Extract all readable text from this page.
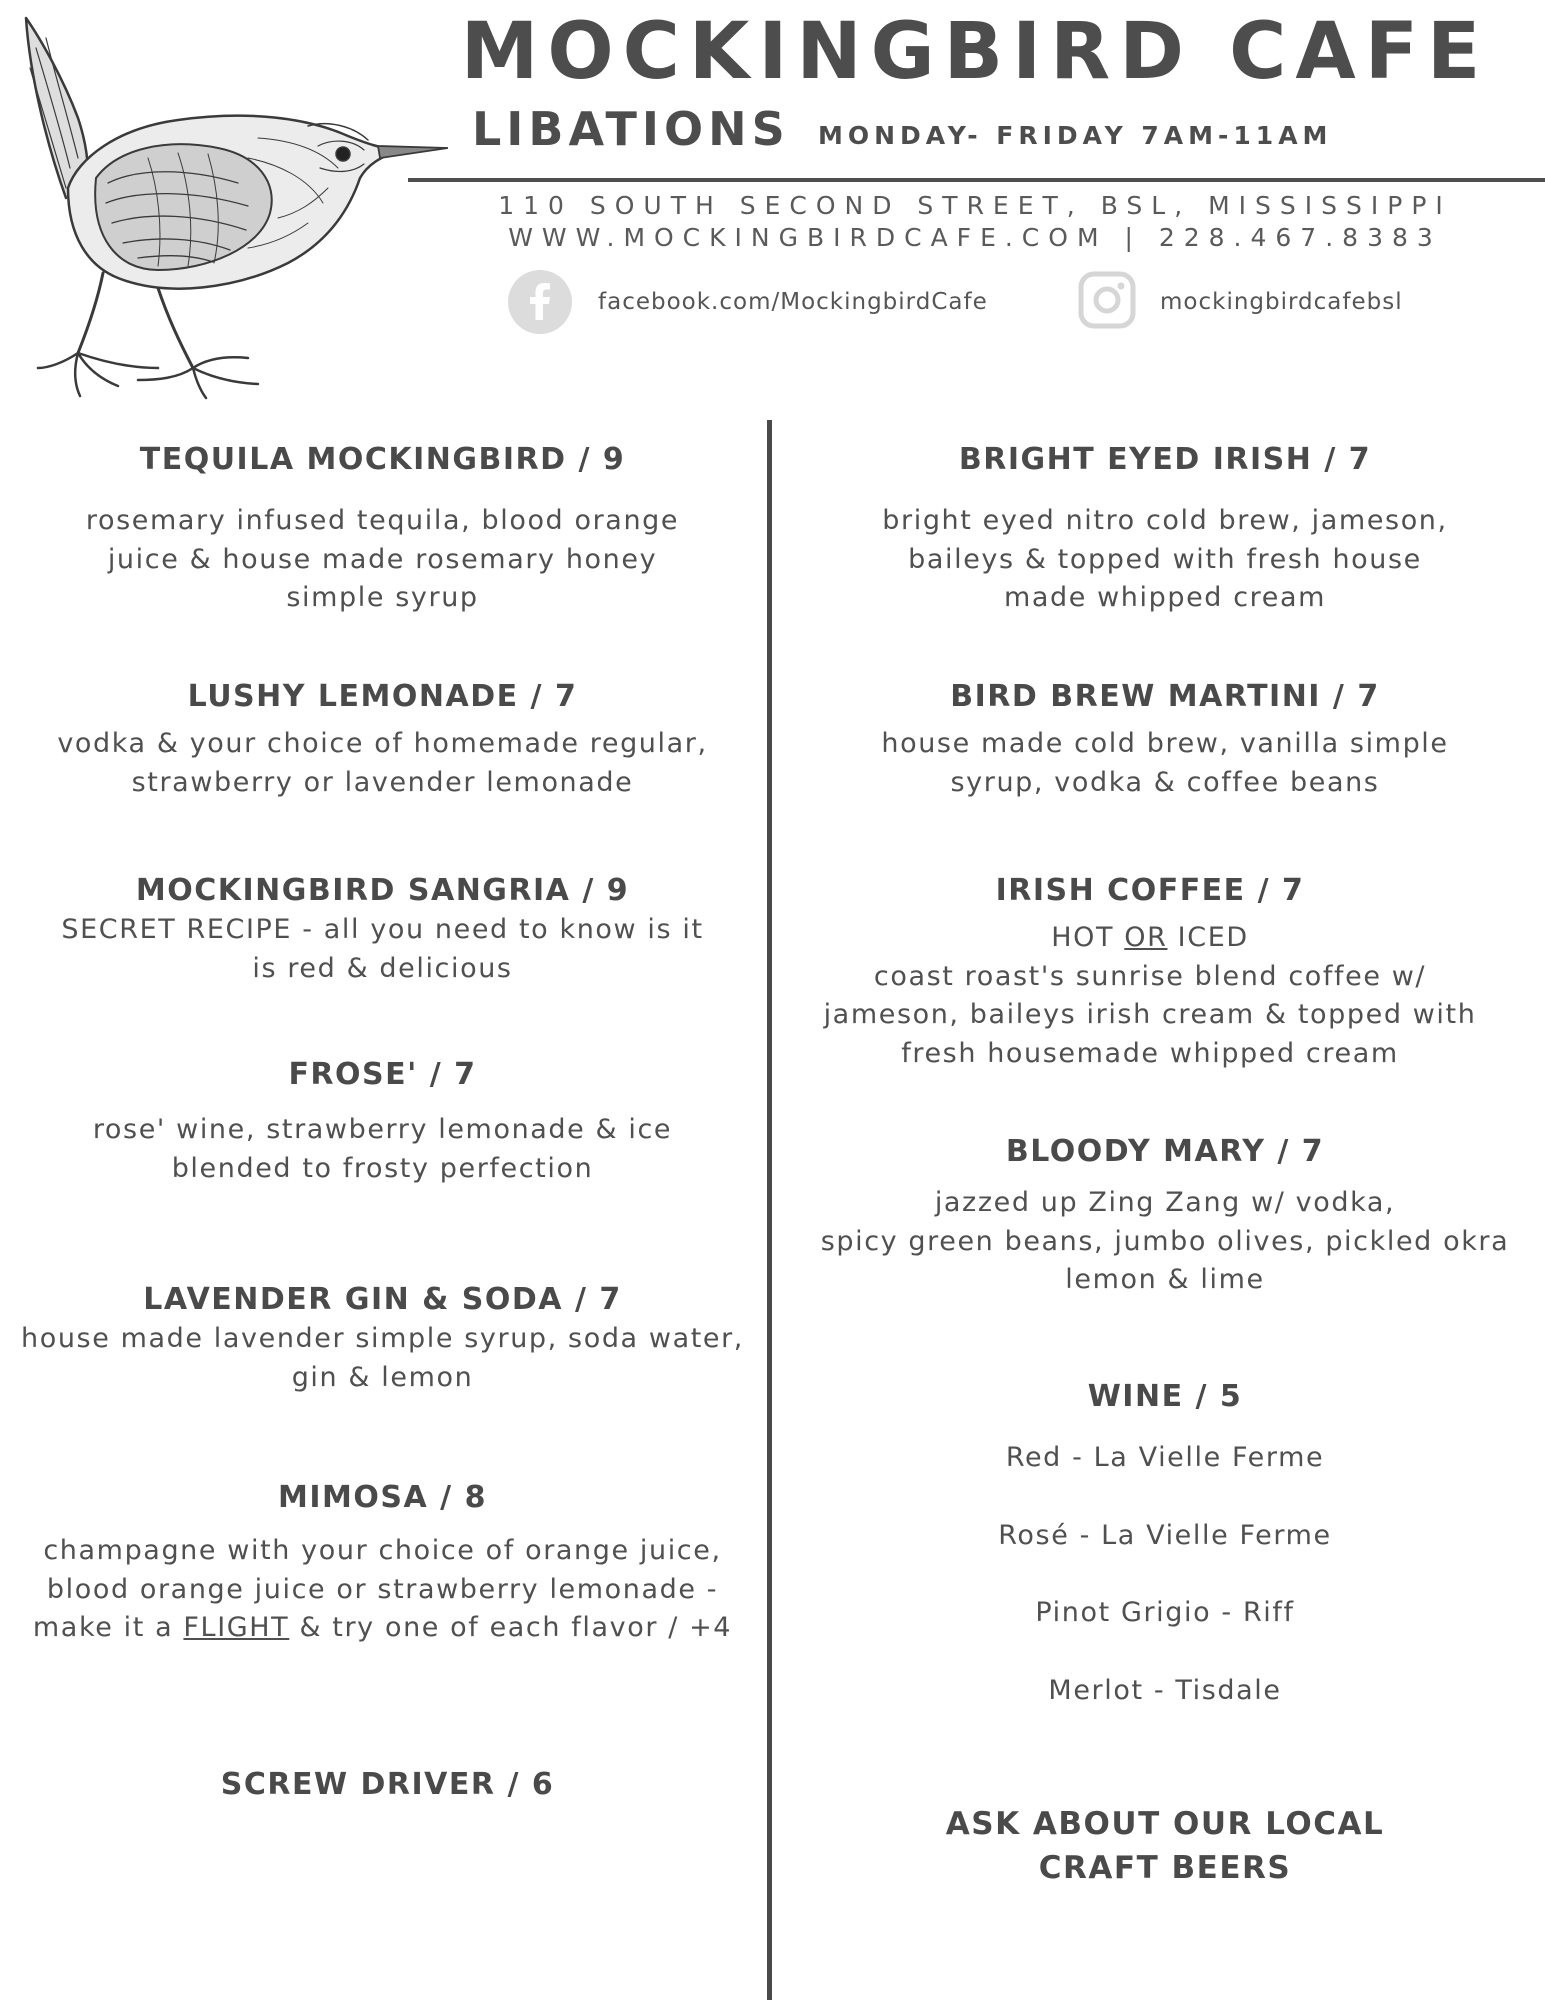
MOCKINGBIRD CAFE
LIBATIONS MONDAY- FRIDAY 7AM-11AM
110 SOUTH SECOND STREET, BSL, MISSISSIPPI
WWW.MOCKINGBIRDCAFE.COM | 228.467.8383
facebook.com/MockingbirdCafe	mockingbirdcafebsl
TEQUILA MOCKINGBIRD / 9

rosemary infused tequila, blood orange

juice & house made rosemary honey

simple syrup

LUSHY LEMONADE / 7

vodka & your choice of homemade regular,

strawberry or lavender lemonade

MOCKINGBIRD SANGRIA / 9

SECRET RECIPE - all you need to know is it

is red & delicious

FROSE' / 7

rose' wine, strawberry lemonade & ice

blended to frosty perfection

LAVENDER GIN & SODA / 7

house made lavender simple syrup, soda water,

gin & lemon

MIMOSA / 8

champagne with your choice of orange juice,

blood orange juice or strawberry lemonade -

make it a FLIGHT & try one of each flavor / +4

SCREW DRIVER / 6
BRIGHT EYED IRISH / 7

bright eyed nitro cold brew, jameson,

baileys & topped with fresh house

made whipped cream

BIRD BREW MARTINI / 7

house made cold brew, vanilla simple

syrup, vodka & coffee beans

IRISH COFFEE / 7

HOT OR ICED

coast roast's sunrise blend coffee w/

jameson, baileys irish cream & topped with

fresh housemade whipped cream

BLOODY MARY / 7

jazzed up Zing Zang w/ vodka,

spicy green beans, jumbo olives, pickled okra

lemon & lime

WINE / 5

Red - La Vielle Ferme

Rosé - La Vielle Ferme

Pinot Grigio - Riff

Merlot - Tisdale

ASK ABOUT OUR LOCAL
CRAFT BEERS
